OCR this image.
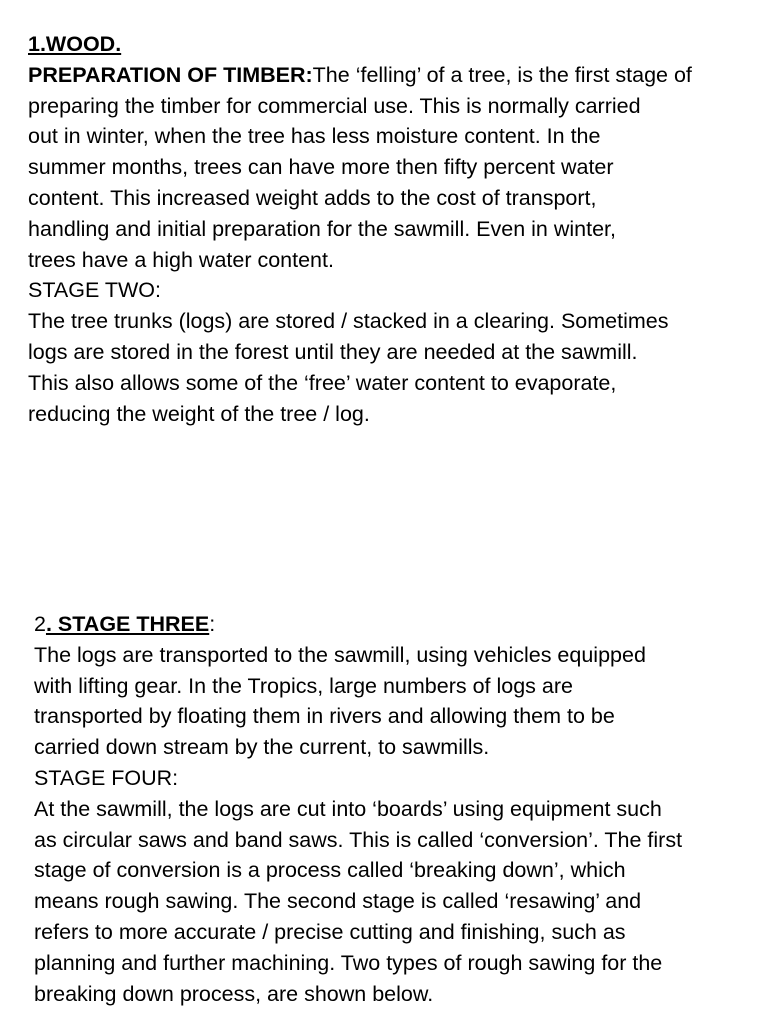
1.WOOD.
PREPARATION OF TIMBER:The ‘felling’ of a tree, is the first stage of
preparing the timber for commercial use. This is normally carried
out in winter, when the tree has less moisture content. In the
summer months, trees can have more then fifty percent water
content. This increased weight adds to the cost of transport,
handling and initial preparation for the sawmill. Even in winter,
trees have a high water content.
STAGE TWO:
The tree trunks (logs) are stored / stacked in a clearing. Sometimes
logs are stored in the forest until they are needed at the sawmill.
This also allows some of the ‘free’ water content to evaporate,
reducing the weight of the tree / log.
2. STAGE THREE:
The logs are transported to the sawmill, using vehicles equipped
with lifting gear. In the Tropics, large numbers of logs are
transported by floating them in rivers and allowing them to be
carried down stream by the current, to sawmills.
STAGE FOUR:
At the sawmill, the logs are cut into ‘boards’ using equipment such
as circular saws and band saws. This is called ‘conversion’. The first
stage of conversion is a process called ‘breaking down’, which
means rough sawing. The second stage is called ‘resawing’ and
refers to more accurate / precise cutting and finishing, such as
planning and further machining. Two types of rough sawing for the
breaking down process, are shown below.
